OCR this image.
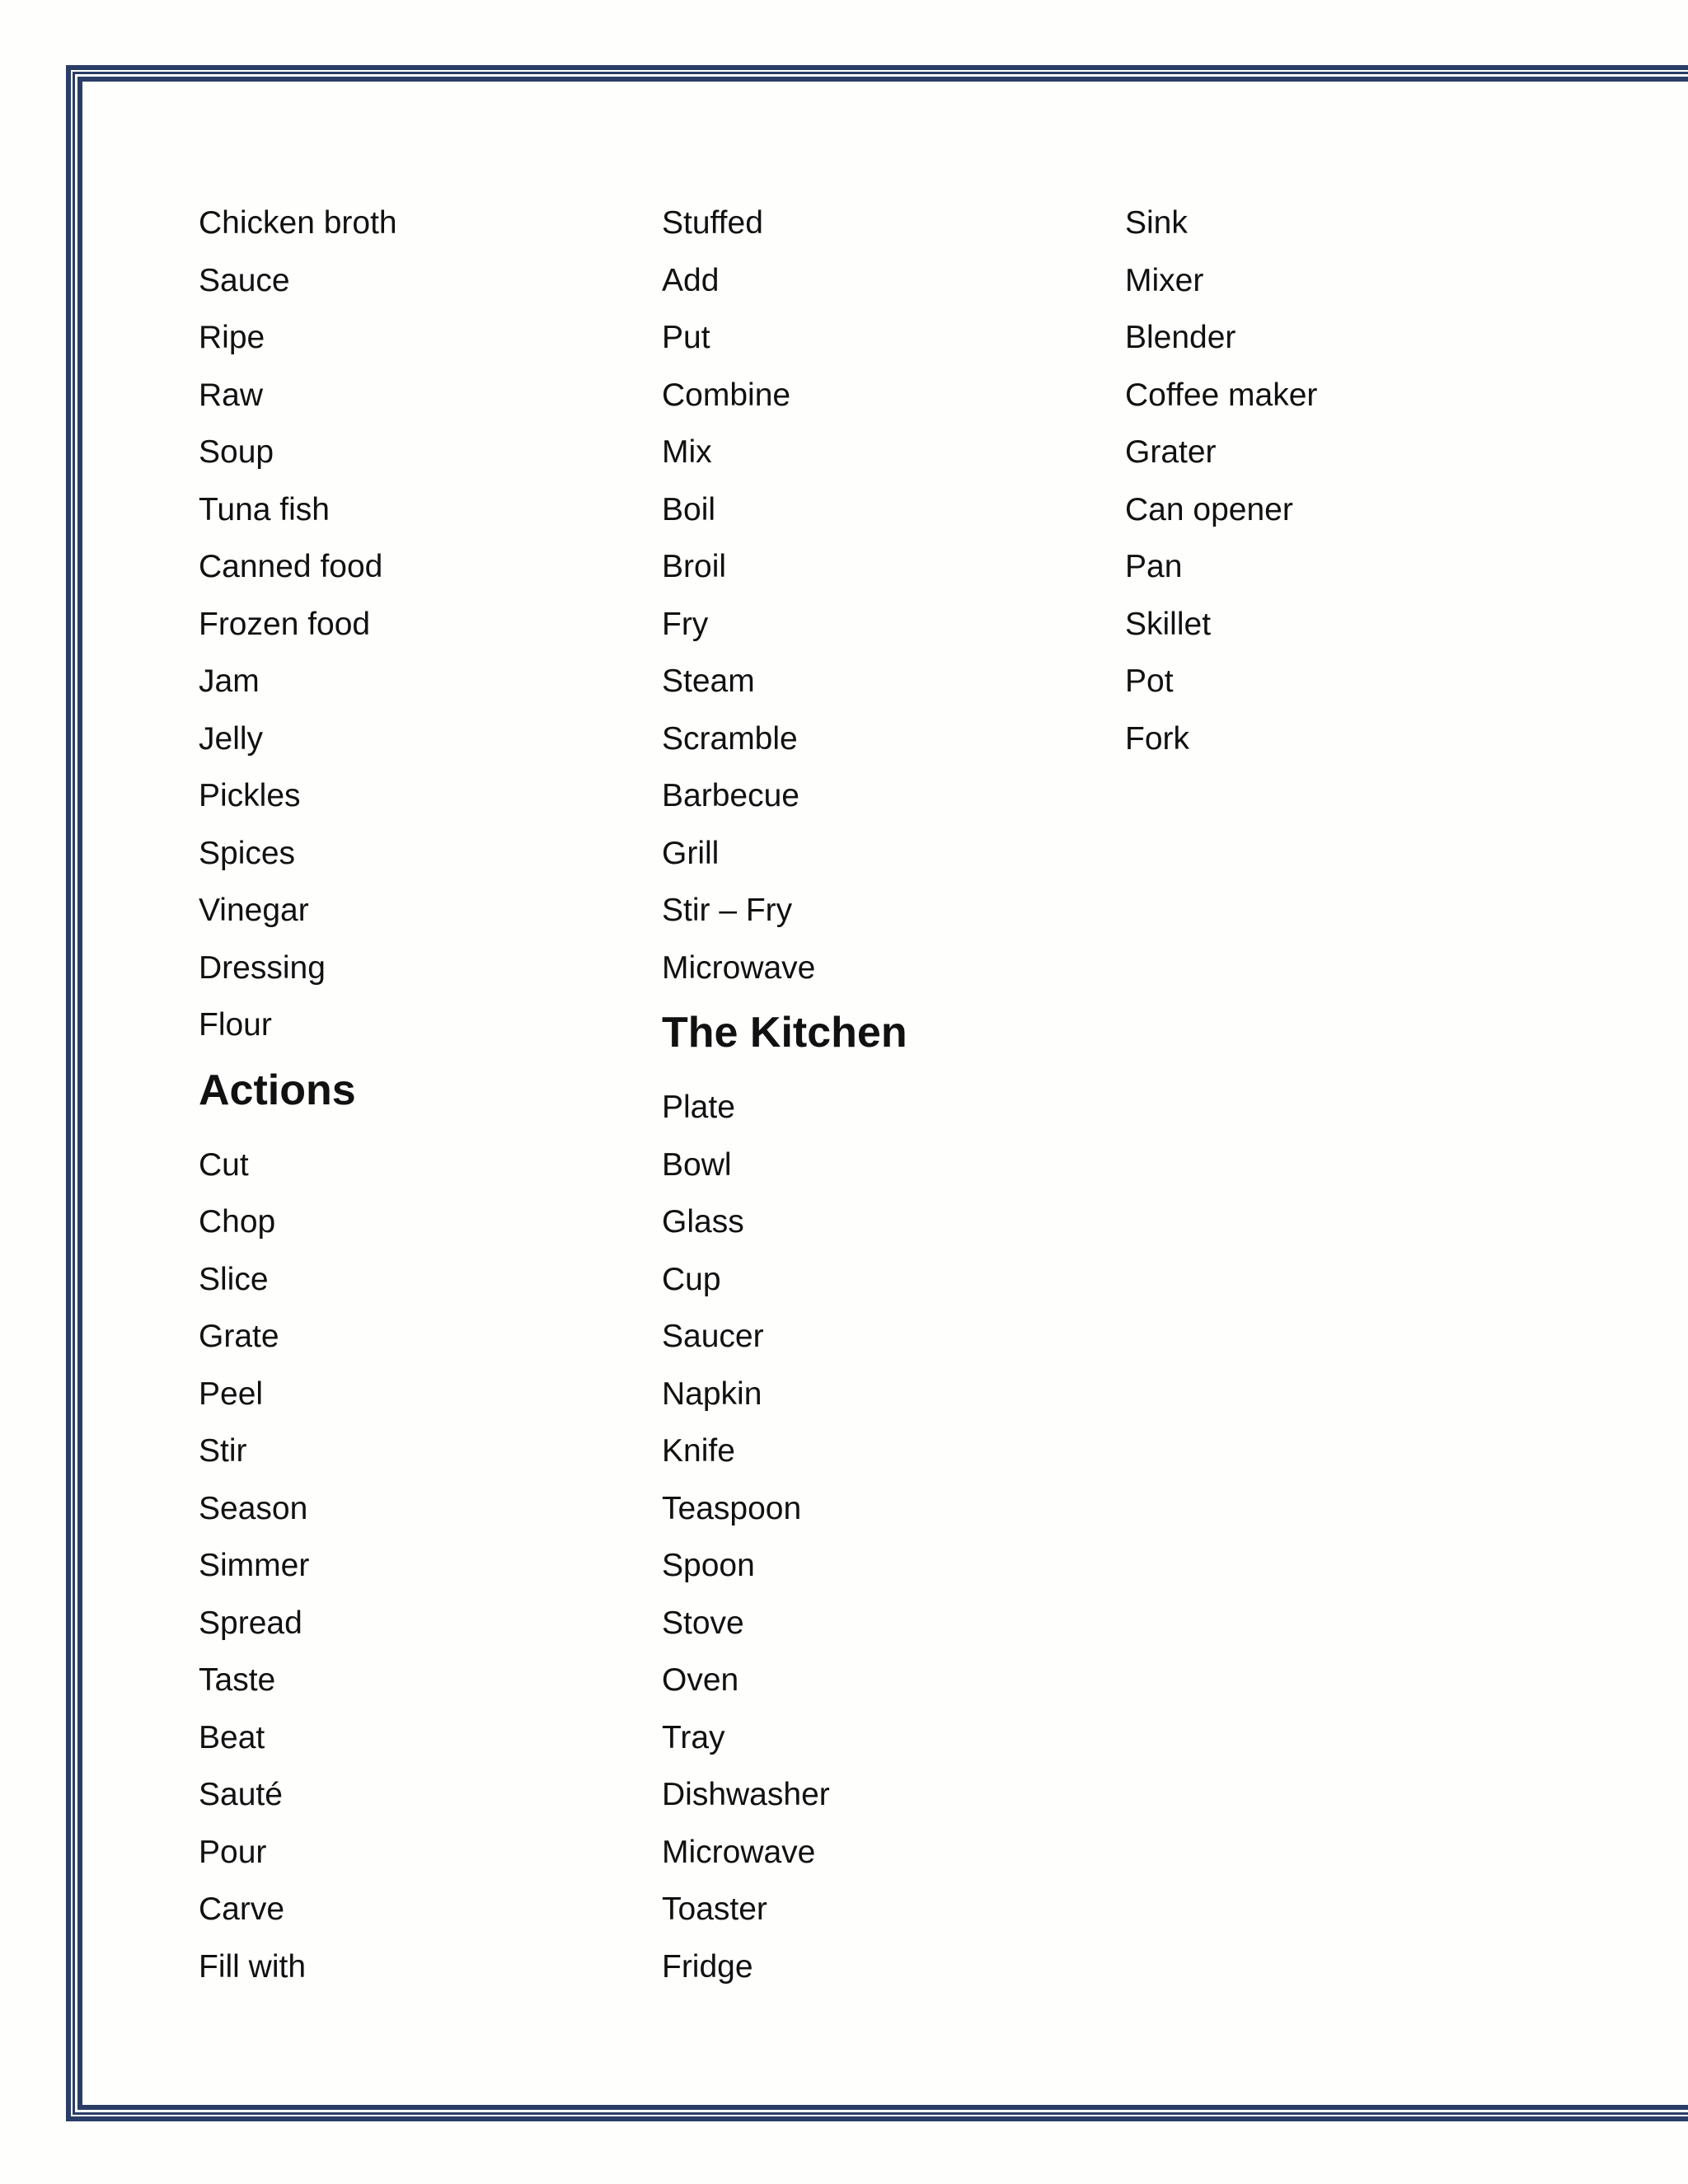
Chicken broth
Sauce
Ripe
Raw
Soup
Tuna fish
Canned food
Frozen food
Jam
Jelly
Pickles
Spices
Vinegar
Dressing
Flour
Actions
Cut
Chop
Slice
Grate
Peel
Stir
Season
Simmer
Spread
Taste
Beat
Sauté
Pour
Carve
Fill with
Stuffed
Add
Put
Combine
Mix
Boil
Broil
Fry
Steam
Scramble
Barbecue
Grill
Stir – Fry
Microwave
The Kitchen
Plate
Bowl
Glass
Cup
Saucer
Napkin
Knife
Teaspoon
Spoon
Stove
Oven
Tray
Dishwasher
Microwave
Toaster
Fridge
Sink
Mixer
Blender
Coffee maker
Grater
Can opener
Pan
Skillet
Pot
Fork
